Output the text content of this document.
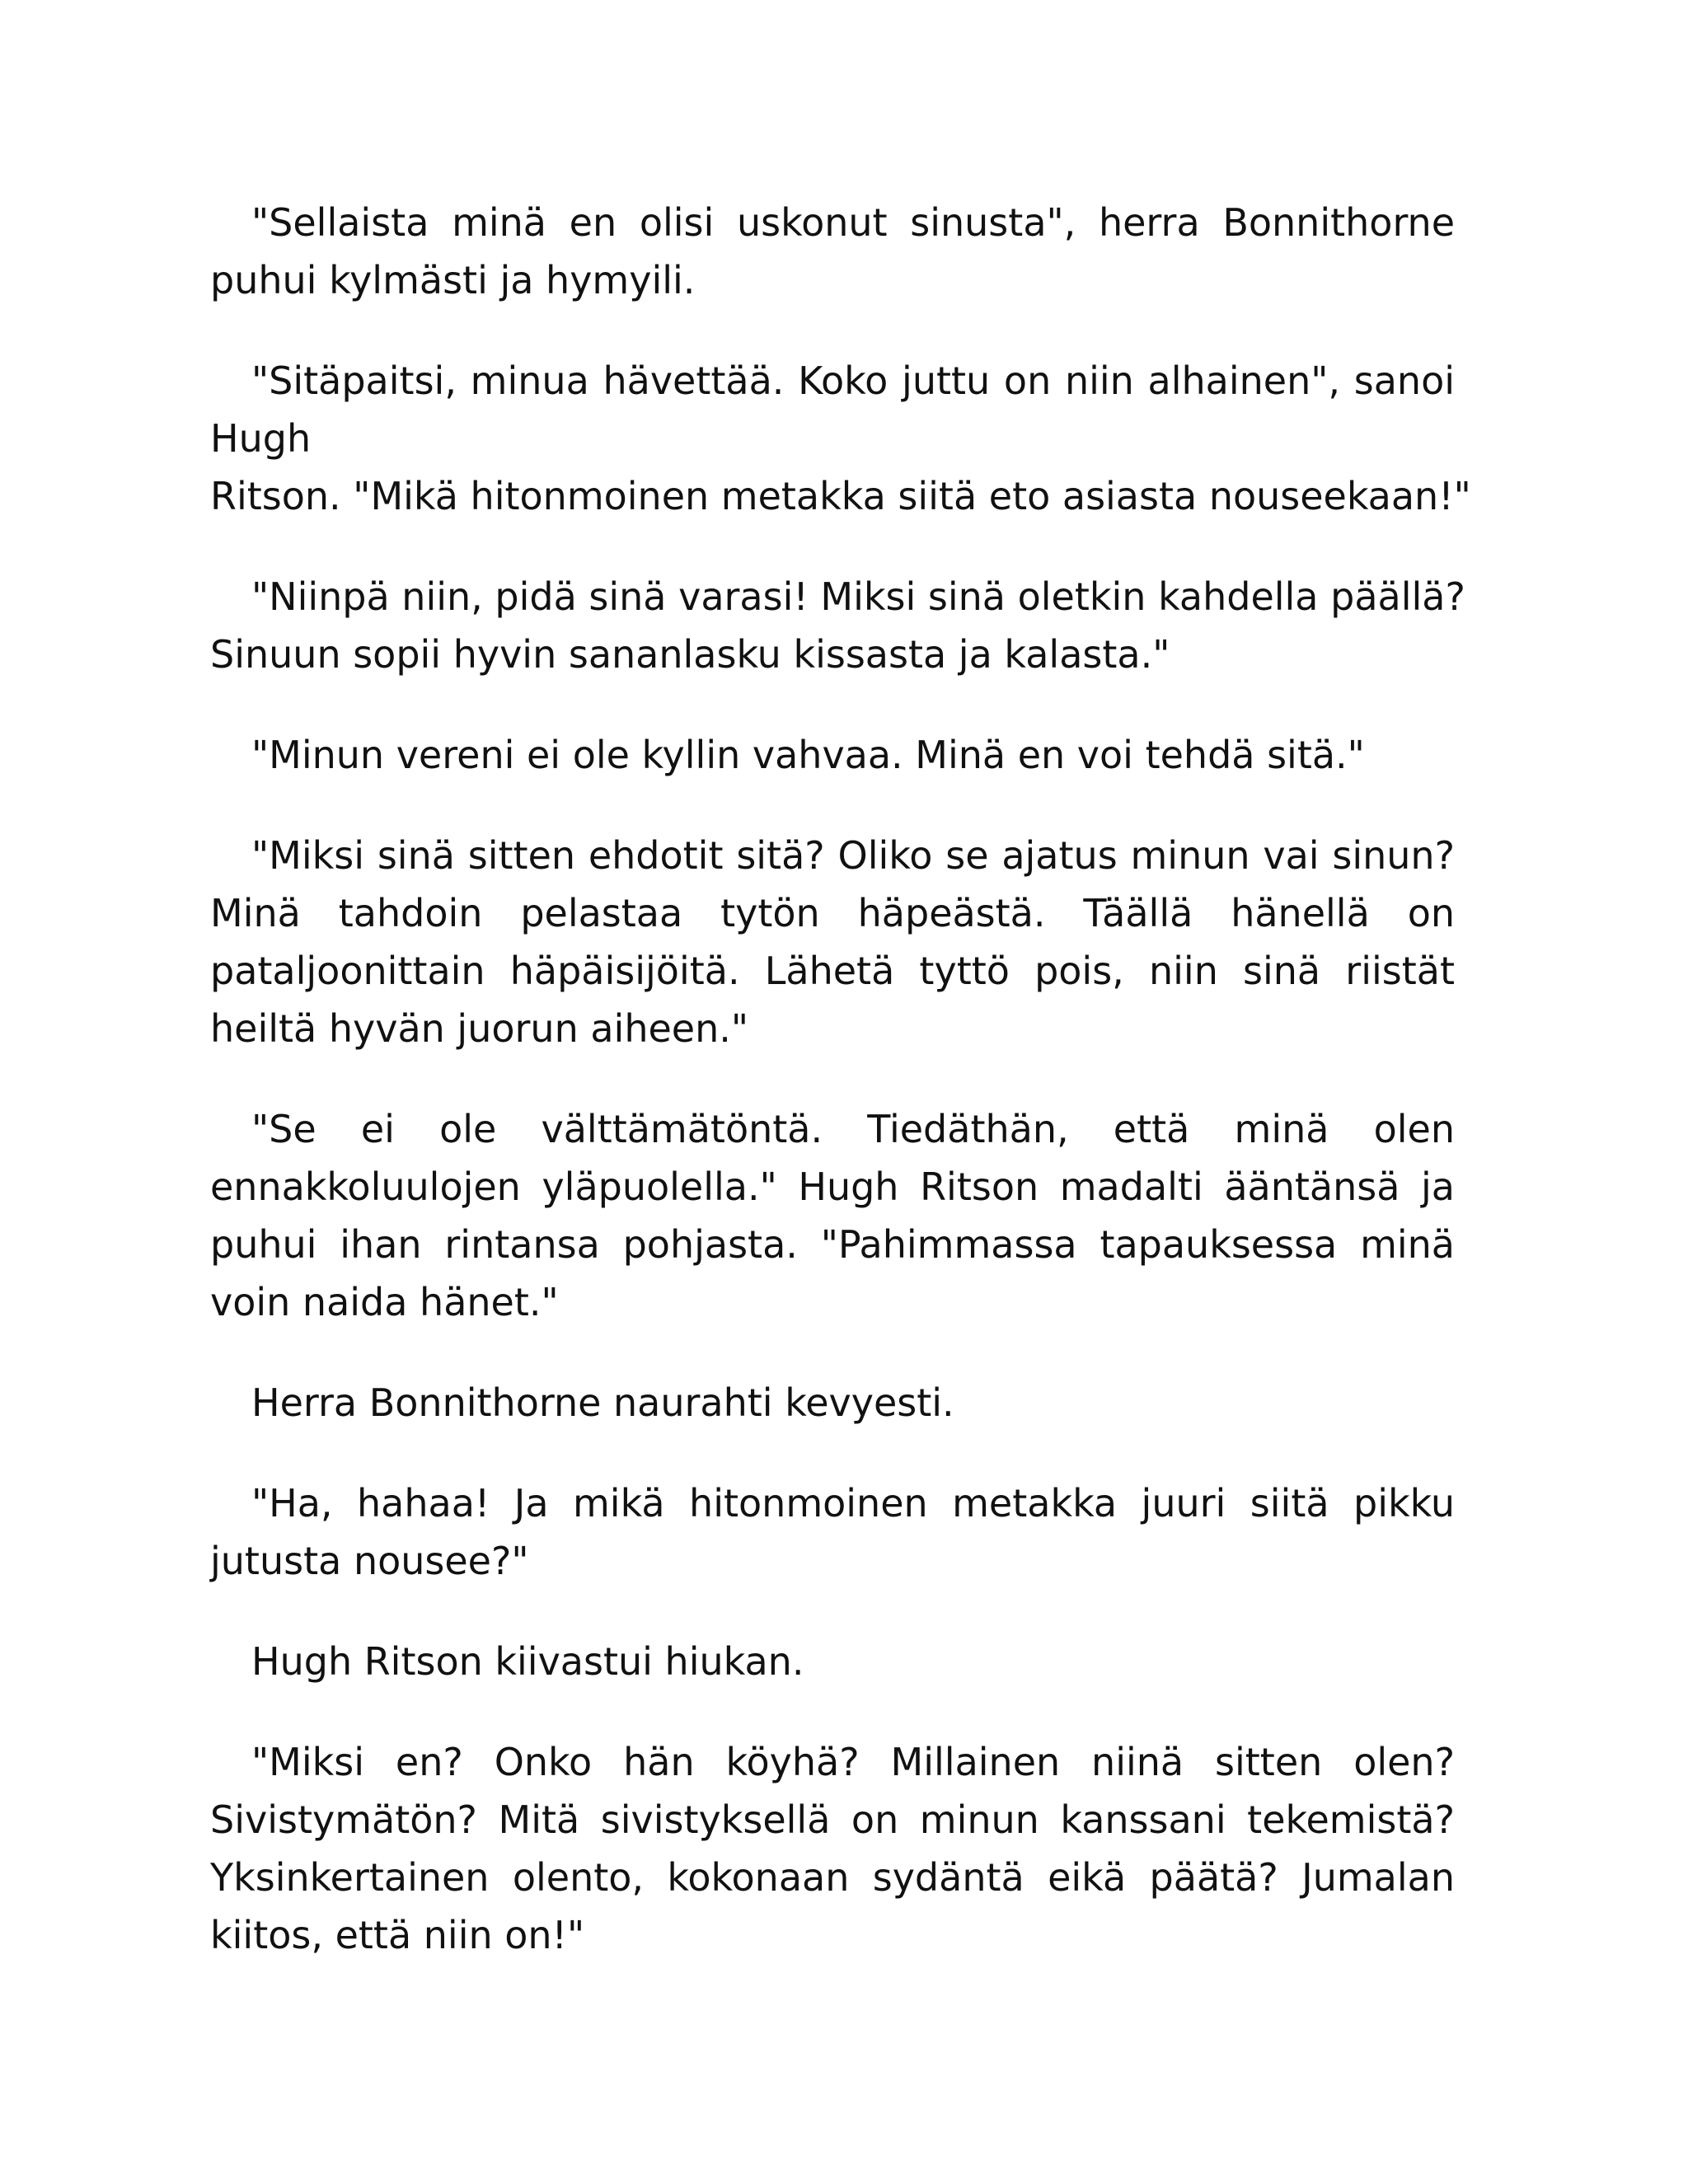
"Sellaista minä en olisi uskonut sinusta", herra Bonnithorne puhui kylmästi ja hymyili.

"Sitäpaitsi, minua hävettää. Koko juttu on niin alhainen", sanoi
Hugh
Ritson. "Mikä hitonmoinen metakka siitä eto asiasta nouseekaan!"

"Niinpä niin, pidä sinä varasi! Miksi sinä oletkin kahdella päällä?
Sinuun sopii hyvin sananlasku kissasta ja kalasta."

"Minun vereni ei ole kyllin vahvaa. Minä en voi tehdä sitä."

"Miksi sinä sitten ehdotit sitä? Oliko se ajatus minun vai sinun? Minä tahdoin pelastaa tytön häpeästä. Täällä hänellä on pataljoonittain häpäisijöitä. Lähetä tyttö pois, niin sinä riistät heiltä hyvän juorun aiheen."

"Se ei ole välttämätöntä. Tiedäthän, että minä olen ennakkoluulojen yläpuolella." Hugh Ritson madalti ääntänsä ja puhui ihan rintansa pohjasta. "Pahimmassa tapauksessa minä voin naida hänet."

Herra Bonnithorne naurahti kevyesti.

"Ha, hahaa! Ja mikä hitonmoinen metakka juuri siitä pikku jutusta nousee?"

Hugh Ritson kiivastui hiukan.

"Miksi en? Onko hän köyhä? Millainen niinä sitten olen? Sivistymätön? Mitä sivistyksellä on minun kanssani tekemistä? Yksinkertainen olento, kokonaan sydäntä eikä päätä? Jumalan kiitos, että niin on!"
